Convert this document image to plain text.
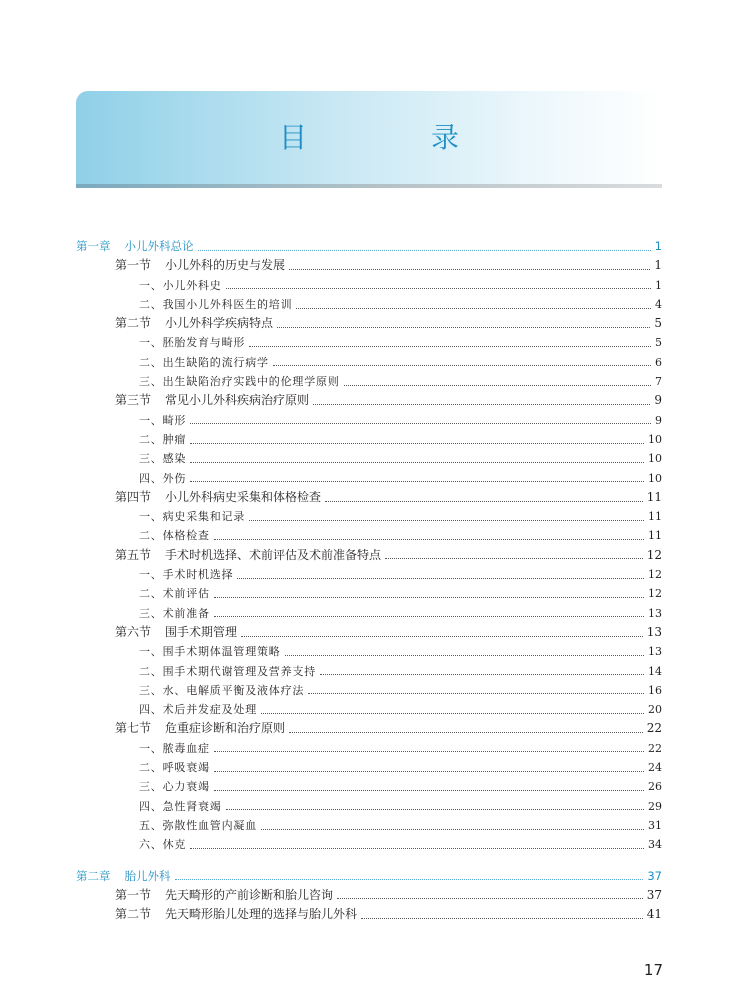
目　录
第一章 小儿外科总论	1
第一节 小儿外科的历史与发展	1
一、 小儿外科史	1
二、 我国小儿外科医生的培训	4
第二节 小儿外科学疾病特点	5
一、 胚胎发育与畸形	5
二、 出生缺陷的流行病学	6
三、 出生缺陷治疗实践中的伦理学原则	7
第三节 常见小儿外科疾病治疗原则	9
一、 畸形	9
二、 肿瘤	10
三、 感染	10
四、 外伤	10
第四节 小儿外科病史采集和体格检查	11
一、 病史采集和记录	11
二、 体格检查	11
第五节 手术时机选择、术前评估及术前准备特点	12
一、 手术时机选择	12
二、 术前评估	12
三、 术前准备	13
第六节 围手术期管理	13
一、 围手术期体温管理策略	13
二、 围手术期代谢管理及营养支持	14
三、 水、电解质平衡及液体疗法	16
四、 术后并发症及处理	20
第七节 危重症诊断和治疗原则	22
一、 脓毒血症	22
二、 呼吸衰竭	24
三、 心力衰竭	26
四、 急性肾衰竭	29
五、 弥散性血管内凝血	31
六、 休克	34
第二章 胎儿外科	37
第一节 先天畸形的产前诊断和胎儿咨询	37
第二节 先天畸形胎儿处理的选择与胎儿外科	41
17
